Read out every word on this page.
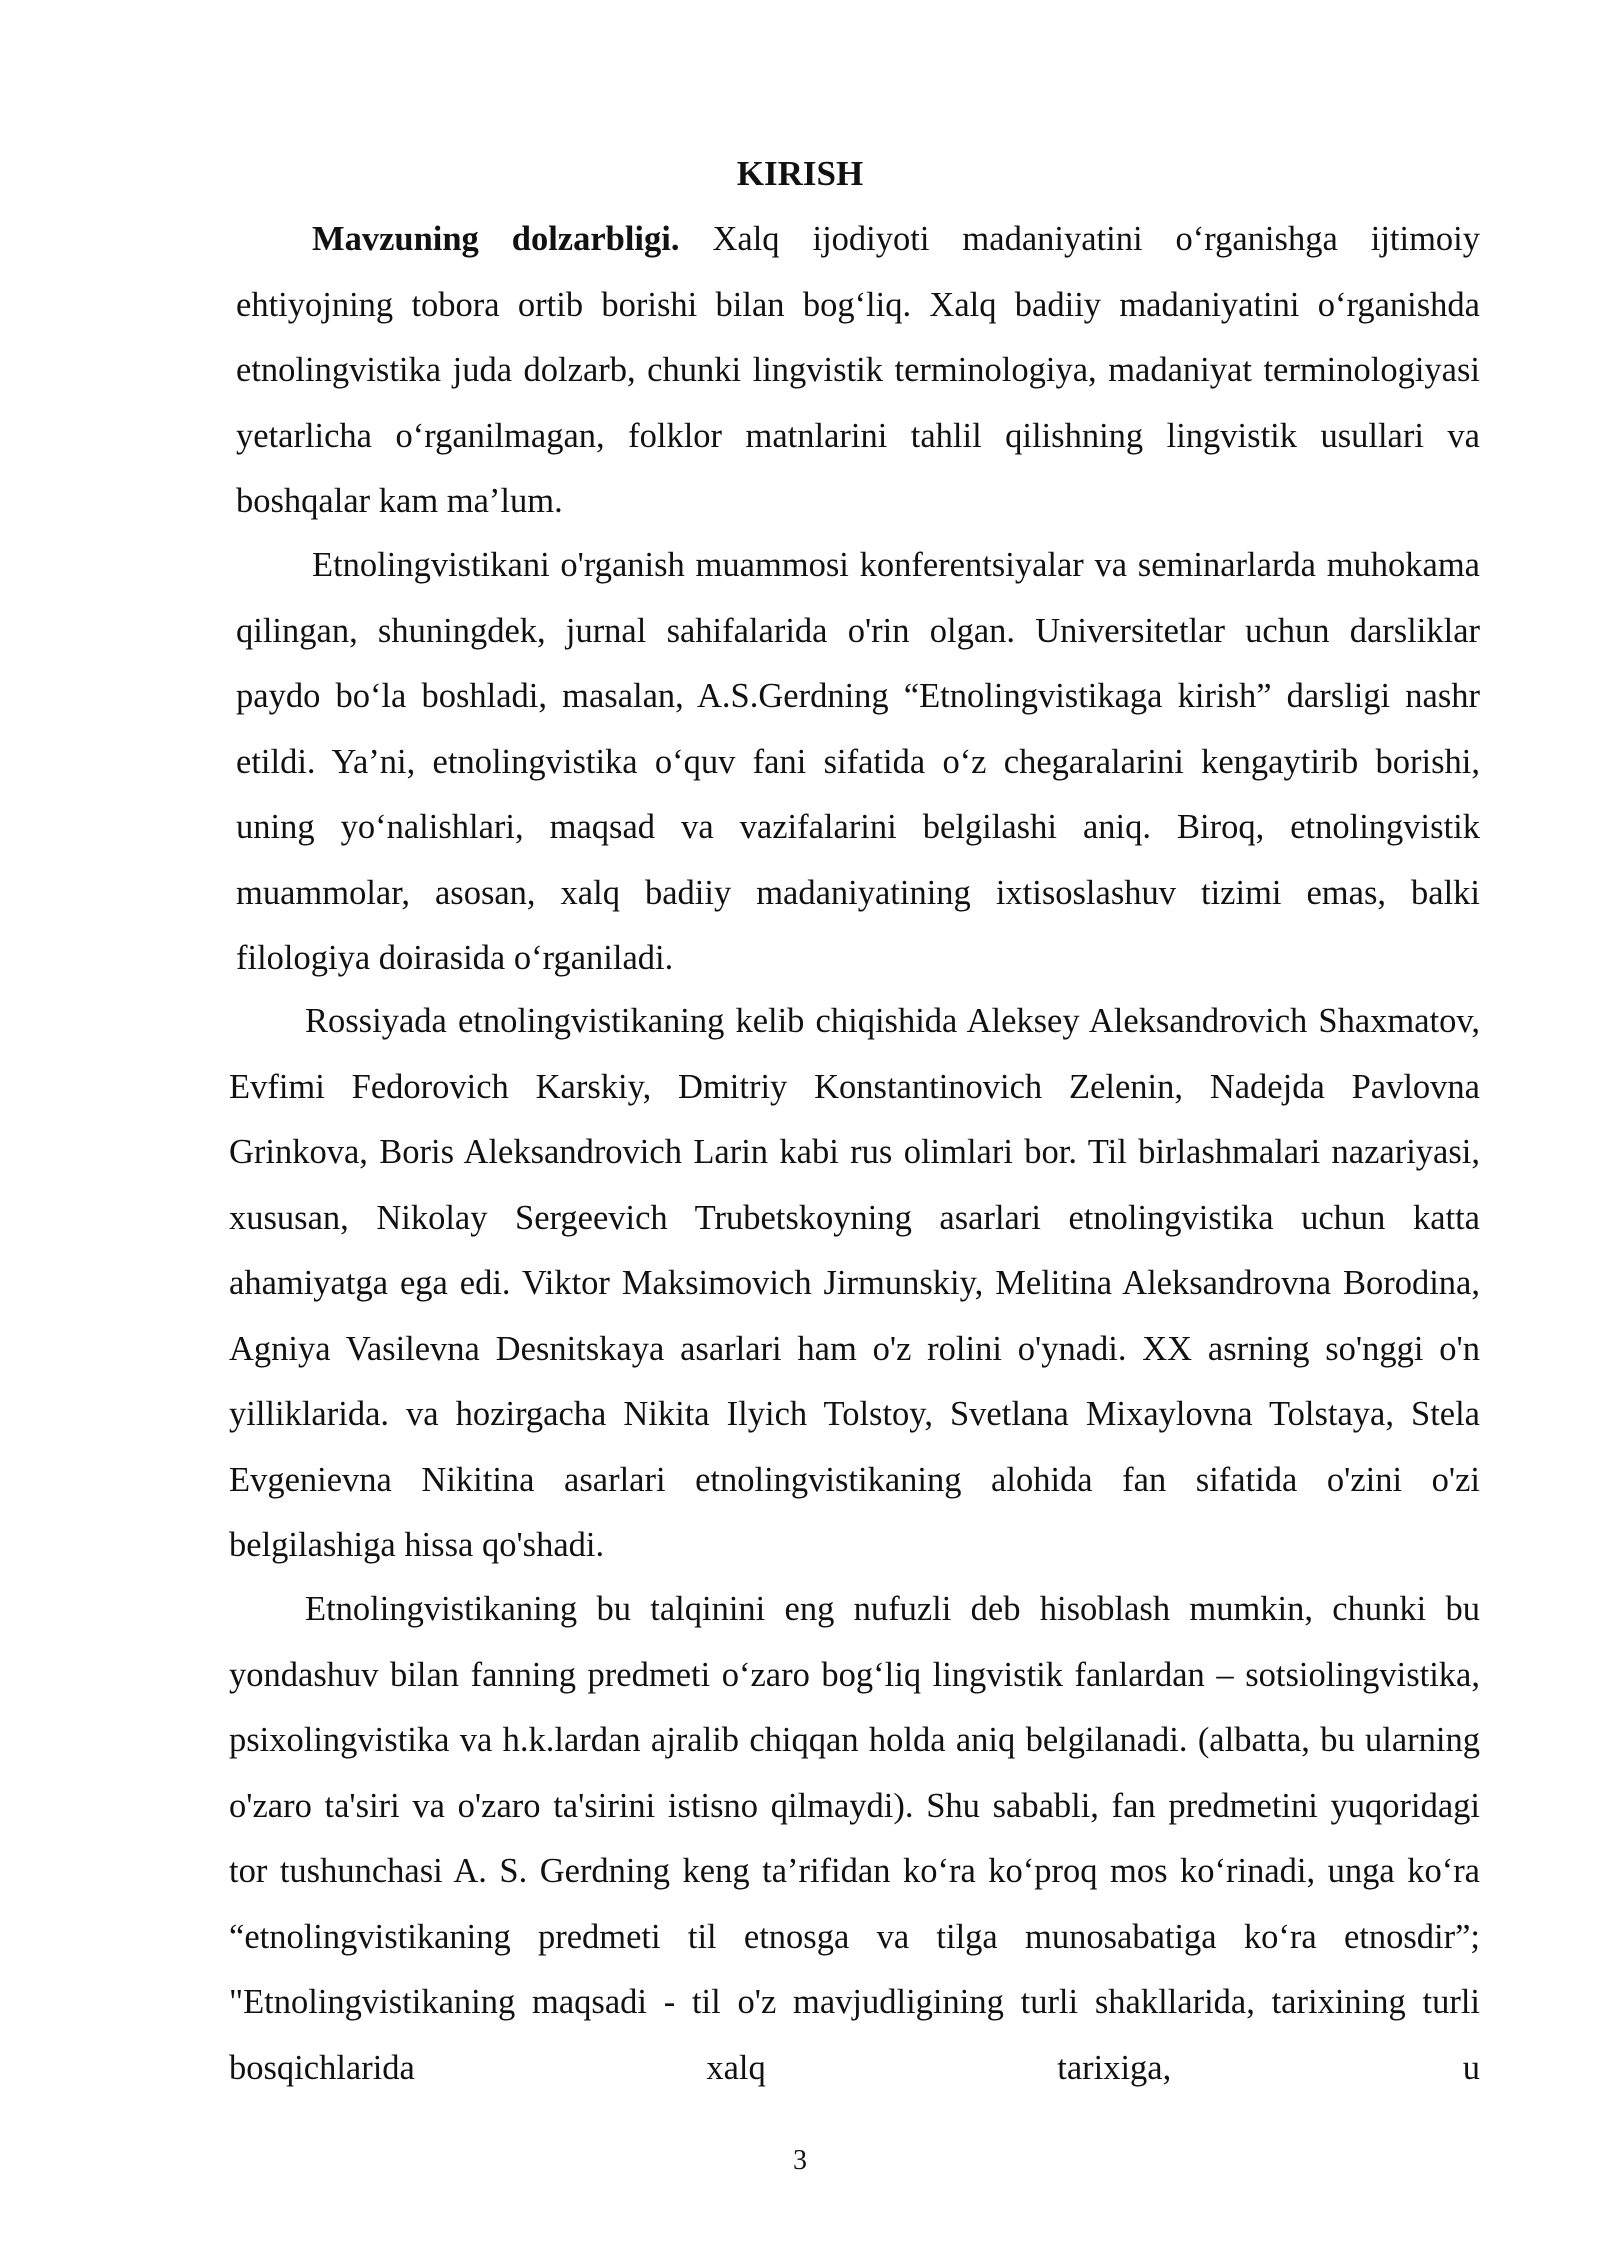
KIRISH

Mavzuning dolzarbligi. Xalq ijodiyoti madaniyatini o‘rganishga ijtimoiy ehtiyojning tobora ortib borishi bilan bog‘liq. Xalq badiiy madaniyatini o‘rganishda etnolingvistika juda dolzarb, chunki lingvistik terminologiya, madaniyat terminologiyasi yetarlicha o‘rganilmagan, folklor matnlarini tahlil qilishning lingvistik usullari va boshqalar kam ma’lum.

Etnolingvistikani o'rganish muammosi konferentsiyalar va seminarlarda muhokama qilingan, shuningdek, jurnal sahifalarida o'rin olgan. Universitetlar uchun darsliklar paydo bo‘la boshladi, masalan, A.S.Gerdning “Etnolingvistikaga kirish” darsligi nashr etildi. Ya’ni, etnolingvistika o‘quv fani sifatida o‘z chegaralarini kengaytirib borishi, uning yo‘nalishlari, maqsad va vazifalarini belgilashi aniq. Biroq, etnolingvistik muammolar, asosan, xalq badiiy madaniyatining ixtisoslashuv tizimi emas, balki filologiya doirasida o‘rganiladi.

Rossiyada etnolingvistikaning kelib chiqishida Aleksey Aleksandrovich Shaxmatov, Evfimi Fedorovich Karskiy, Dmitriy Konstantinovich Zelenin, Nadejda Pavlovna Grinkova, Boris Aleksandrovich Larin kabi rus olimlari bor. Til birlashmalari nazariyasi, xususan, Nikolay Sergeevich Trubetskoyning asarlari etnolingvistika uchun katta ahamiyatga ega edi. Viktor Maksimovich Jirmunskiy, Melitina Aleksandrovna Borodina, Agniya Vasilevna Desnitskaya asarlari ham o'z rolini o'ynadi. XX asrning so'nggi o'n yilliklarida. va hozirgacha Nikita Ilyich Tolstoy, Svetlana Mixaylovna Tolstaya, Stela Evgenievna Nikitina asarlari etnolingvistikaning alohida fan sifatida o'zini o'zi belgilashiga hissa qo'shadi.

Etnolingvistikaning bu talqinini eng nufuzli deb hisoblash mumkin, chunki bu yondashuv bilan fanning predmeti o‘zaro bog‘liq lingvistik fanlardan – sotsiolingvistika, psixolingvistika va h.k.lardan ajralib chiqqan holda aniq belgilanadi. (albatta, bu ularning o'zaro ta'siri va o'zaro ta'sirini istisno qilmaydi). Shu sababli, fan predmetini yuqoridagi tor tushunchasi A. S. Gerdning keng ta’rifidan ko‘ra ko‘proq mos ko‘rinadi, unga ko‘ra “etnolingvistikaning predmeti til etnosga va tilga munosabatiga ko‘ra etnosdir”; "Etnolingvistikaning maqsadi - til o'z mavjudligining turli shakllarida, tarixining turli bosqichlarida xalq tarixiga, u

3
